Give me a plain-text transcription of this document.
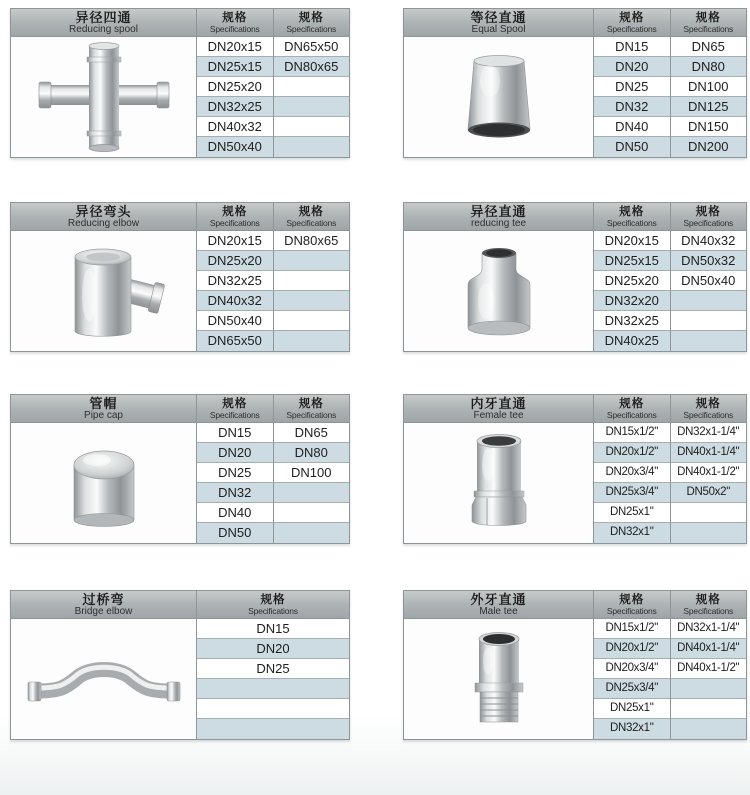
异径四通
Reducing spool
规格
Specifications
规格
Specifications
DN20x15
DN25x15
DN25x20
DN32x25
DN40x32
DN50x40
DN65x50
DN80x65
等径直通
Equal Spool
规格
Specifications
规格
Specifications
DN15
DN20
DN25
DN32
DN40
DN50
DN65
DN80
DN100
DN125
DN150
DN200
异径弯头
Reducing elbow
规格
Specifications
规格
Specifications
DN20x15
DN25x20
DN32x25
DN40x32
DN50x40
DN65x50
DN80x65
异径直通
reducing tee
规格
Specifications
规格
Specifications
DN20x15
DN25x15
DN25x20
DN32x20
DN32x25
DN40x25
DN40x32
DN50x32
DN50x40
管帽
Pipe cap
规格
Specifications
规格
Specifications
DN15
DN20
DN25
DN32
DN40
DN50
DN65
DN80
DN100
内牙直通
Female tee
规格
Specifications
规格
Specifications
DN15x1/2"
DN20x1/2"
DN20x3/4"
DN25x3/4"
DN25x1"
DN32x1"
DN32x1-1/4"
DN40x1-1/4"
DN40x1-1/2"
DN50x2"
过桥弯
Bridge elbow
规格
Specifications
DN15
DN20
DN25
外牙直通
Male tee
规格
Specifications
规格
Specifications
DN15x1/2"
DN20x1/2"
DN20x3/4"
DN25x3/4"
DN25x1"
DN32x1"
DN32x1-1/4"
DN40x1-1/4"
DN40x1-1/2"
